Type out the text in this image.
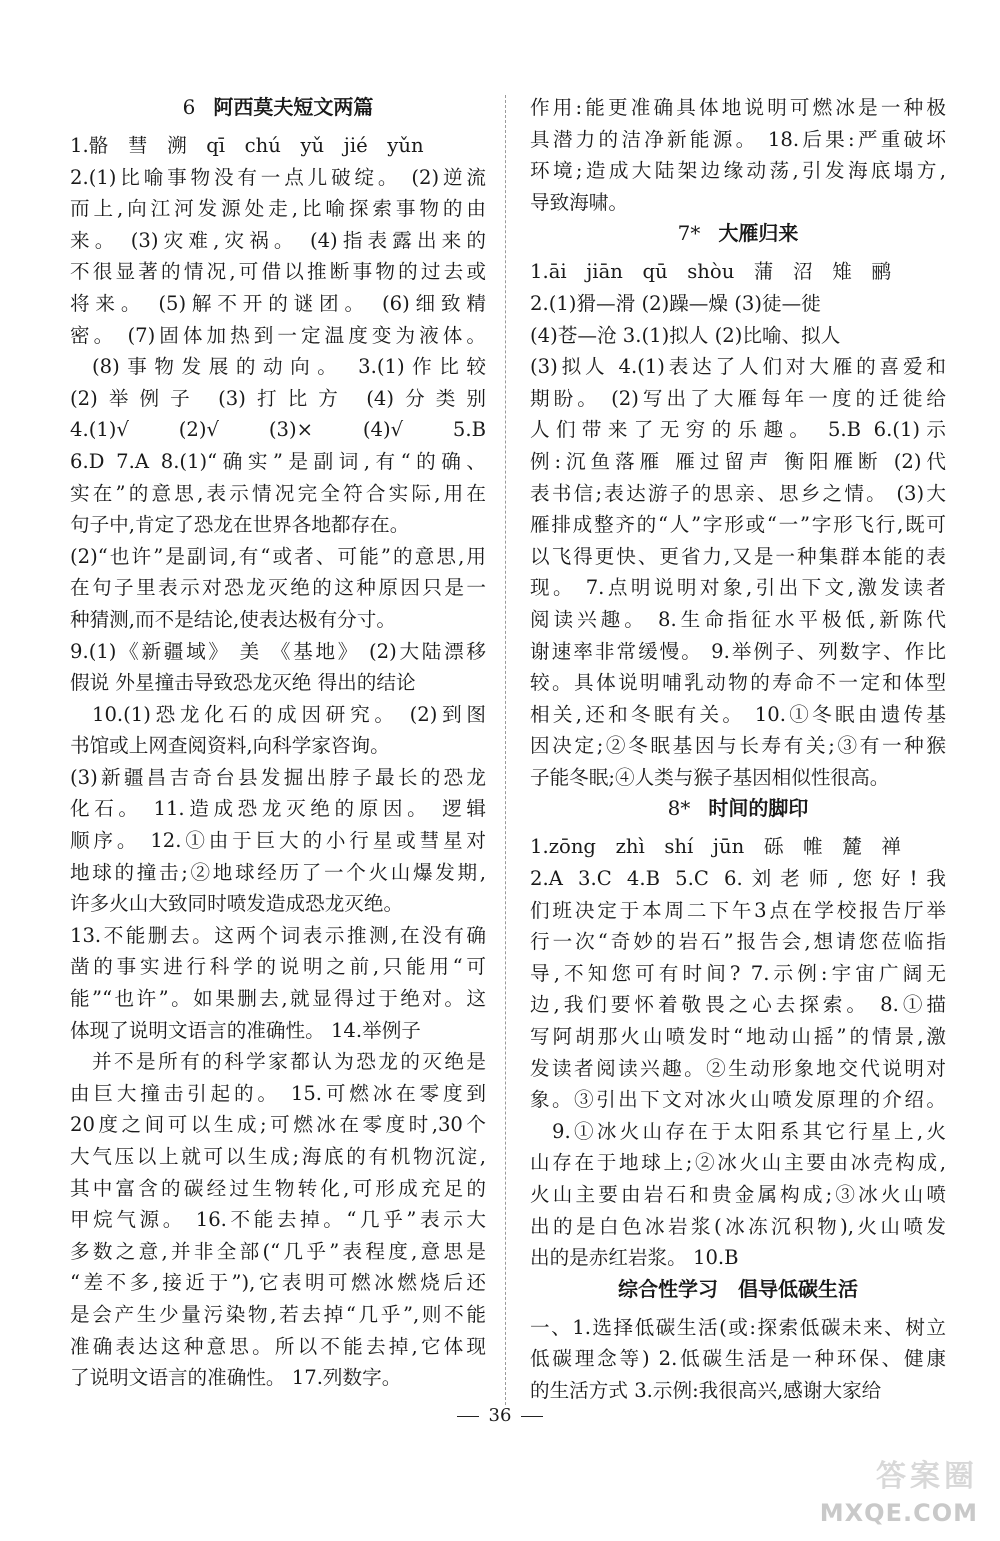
6 阿西莫夫短文两篇
1.骼　彗　溯　qī　chú　yǔ　jié　yǔn
2.(1)比喻事物没有一点儿破绽。 (2)逆流
而上,向江河发源处走,比喻探索事物的由
来。 (3)灾难,灾祸。 (4)指表露出来的
不很显著的情况,可借以推断事物的过去或
将来。 (5)解不开的谜团。 (6)细致精
密。 (7)固体加热到一定温度变为液体。
(8)事物发展的动向。 3.(1)作比较
(2)举例子 (3)打比方 (4)分类别
4.(1)√ (2)√ (3)× (4)√ 5.B
6.D 7.A 8.(1)“确实”是副词,有“的确、
实在”的意思,表示情况完全符合实际,用在
句子中,肯定了恐龙在世界各地都存在。
(2)“也许”是副词,有“或者、可能”的意思,用
在句子里表示对恐龙灭绝的这种原因只是一
种猜测,而不是结论,使表达极有分寸。
9.(1)《新疆域》 美 《基地》 (2)大陆漂移
假说 外星撞击导致恐龙灭绝 得出的结论
10.(1)恐龙化石的成因研究。 (2)到图
书馆或上网查阅资料,向科学家咨询。
(3)新疆昌吉奇台县发掘出脖子最长的恐龙
化石。 11.造成恐龙灭绝的原因。 逻辑
顺序。 12.①由于巨大的小行星或彗星对
地球的撞击;②地球经历了一个火山爆发期,
许多火山大致同时喷发造成恐龙灭绝。
13.不能删去。这两个词表示推测,在没有确
凿的事实进行科学的说明之前,只能用“可
能”“也许”。如果删去,就显得过于绝对。这
体现了说明文语言的准确性。 14.举例子
并不是所有的科学家都认为恐龙的灭绝是
由巨大撞击引起的。 15.可燃冰在零度到
20度之间可以生成;可燃冰在零度时,30个
大气压以上就可以生成;海底的有机物沉淀,
其中富含的碳经过生物转化,可形成充足的
甲烷气源。 16.不能去掉。“几乎”表示大
多数之意,并非全部(“几乎”表程度,意思是
“差不多,接近于”),它表明可燃冰燃烧后还
是会产生少量污染物,若去掉“几乎”,则不能
准确表达这种意思。所以不能去掉,它体现
了说明文语言的准确性。 17.列数字。
作用:能更准确具体地说明可燃冰是一种极
具潜力的洁净新能源。 18.后果:严重破坏
环境;造成大陆架边缘动荡,引发海底塌方,
导致海啸。
7* 大雁归来
1.āi　jiān　qū　shòu　蒲　沼　雉　鹂
2.(1)猾—滑 (2)躁—燥 (3)徒—徙
(4)苍—沧 3.(1)拟人 (2)比喻、拟人
(3)拟人 4.(1)表达了人们对大雁的喜爱和
期盼。 (2)写出了大雁每年一度的迁徙给
人们带来了无穷的乐趣。 5.B 6.(1)示
例:沉鱼落雁 雁过留声 衡阳雁断 (2)代
表书信;表达游子的思亲、思乡之情。 (3)大
雁排成整齐的“人”字形或“一”字形飞行,既可
以飞得更快、更省力,又是一种集群本能的表
现。 7.点明说明对象,引出下文,激发读者
阅读兴趣。 8.生命指征水平极低,新陈代
谢速率非常缓慢。 9.举例子、列数字、作比
较。具体说明哺乳动物的寿命不一定和体型
相关,还和冬眠有关。 10.①冬眠由遗传基
因决定;②冬眠基因与长寿有关;③有一种猴
子能冬眠;④人类与猴子基因相似性很高。
8* 时间的脚印
1.zōng　zhì　shí　jūn　砾　帷　麓　禅
2.A 3.C 4.B 5.C 6.刘老师,您好!我
们班决定于本周二下午3点在学校报告厅举
行一次“奇妙的岩石”报告会,想请您莅临指
导,不知您可有时间? 7.示例:宇宙广阔无
边,我们要怀着敬畏之心去探索。 8.①描
写阿胡那火山喷发时“地动山摇”的情景,激
发读者阅读兴趣。②生动形象地交代说明对
象。③引出下文对冰火山喷发原理的介绍。
9.①冰火山存在于太阳系其它行星上,火
山存在于地球上;②冰火山主要由冰壳构成,
火山主要由岩石和贵金属构成;③冰火山喷
出的是白色冰岩浆(冰冻沉积物),火山喷发
出的是赤红岩浆。 10.B
综合性学习　倡导低碳生活
一、1.选择低碳生活(或:探索低碳未来、树立
低碳理念等) 2.低碳生活是一种环保、健康
的生活方式 3.示例:我很高兴,感谢大家给
36
答案圈
MXQE.COM
